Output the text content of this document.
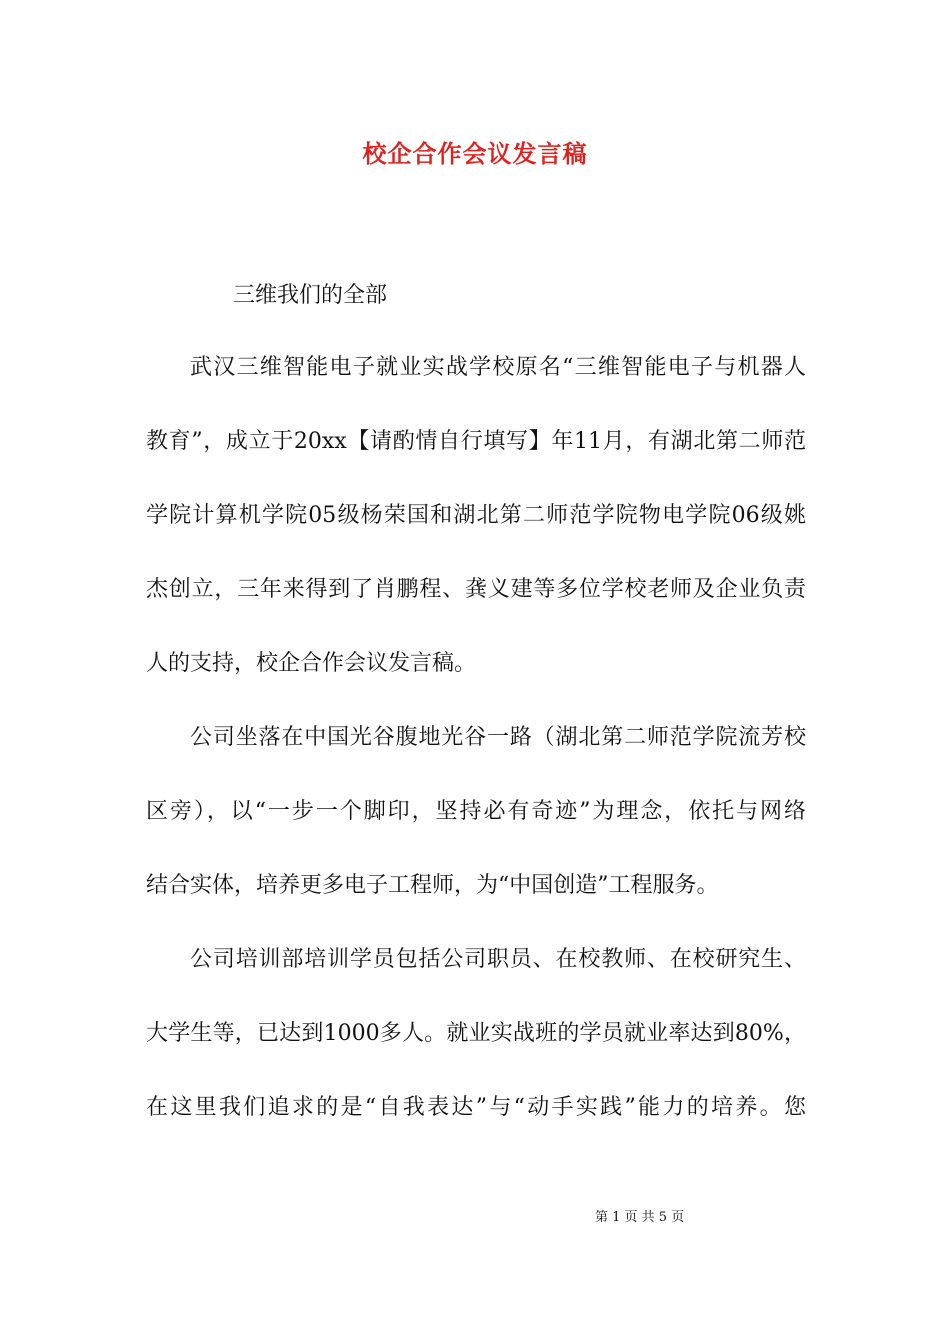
校企合作会议发言稿
三维我们的全部
武汉三维智能电子就业实战学校原名“三维智能电子与机器人
教育”，成立于20xx【请酌情自行填写】年11月，有湖北第二师范
学院计算机学院05级杨荣国和湖北第二师范学院物电学院06级姚
杰创立，三年来得到了肖鹏程、龚义建等多位学校老师及企业负责
人的支持，校企合作会议发言稿。
公司坐落在中国光谷腹地光谷一路（湖北第二师范学院流芳校
区旁），以“一步一个脚印，坚持必有奇迹”为理念，依托与网络
结合实体，培养更多电子工程师，为“中国创造”工程服务。
公司培训部培训学员包括公司职员、在校教师、在校研究生、
大学生等，已达到1000多人。就业实战班的学员就业率达到80%，
在这里我们追求的是“自我表达”与“动手实践”能力的培养。您
第 1 页 共 5 页
